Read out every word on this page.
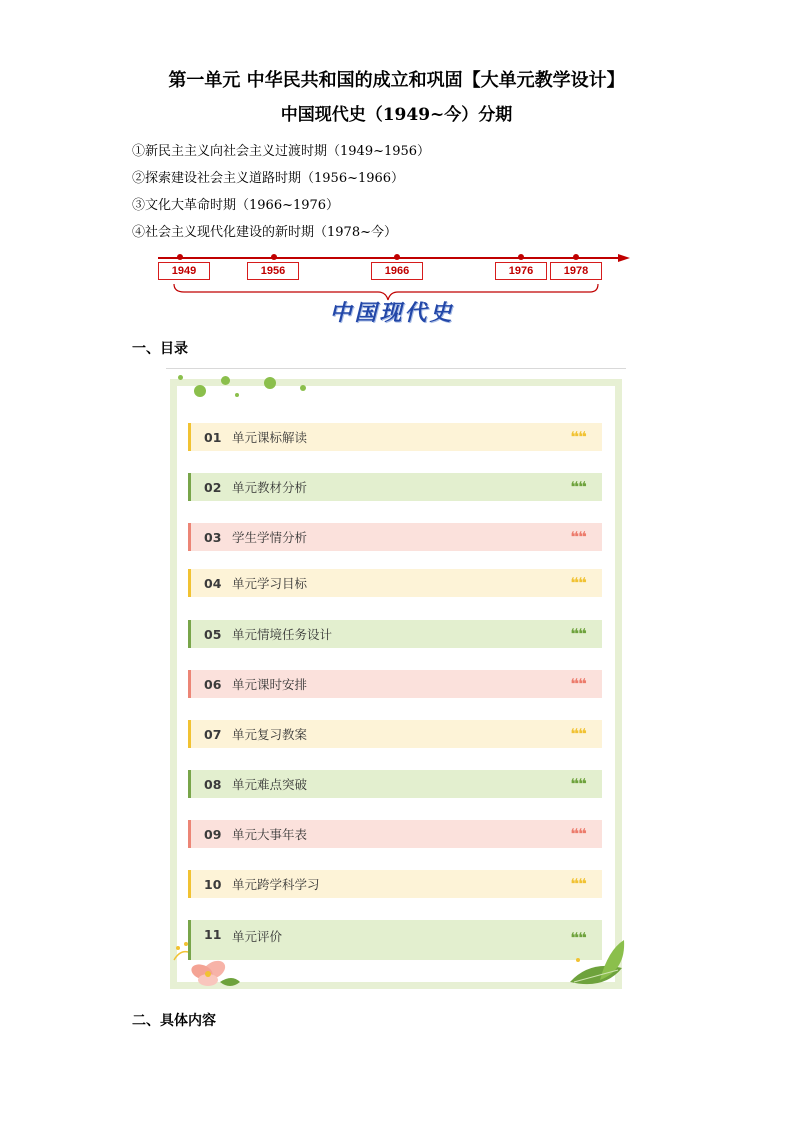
第一单元 中华民共和国的成立和巩固【大单元教学设计】
中国现代史（1949~今）分期
①新民主主义向社会主义过渡时期（1949~1956）
②探索建设社会主义道路时期（1956~1966）
③文化大革命时期（1966~1976）
④社会主义现代化建设的新时期（1978~今）
1949	1956	1966	1976	1978
中国现代史
一、目录
01 单元课标解读	❝❝
02 单元教材分析	❝❝
03 学生学情分析	❝❝
04 单元学习目标	❝❝
05 单元情境任务设计	❝❝
06 单元课时安排	❝❝
07 单元复习教案	❝❝
08 单元难点突破	❝❝
09 单元大事年表	❝❝
10 单元跨学科学习	❝❝
11 单元评价	❝❝
二、具体内容
